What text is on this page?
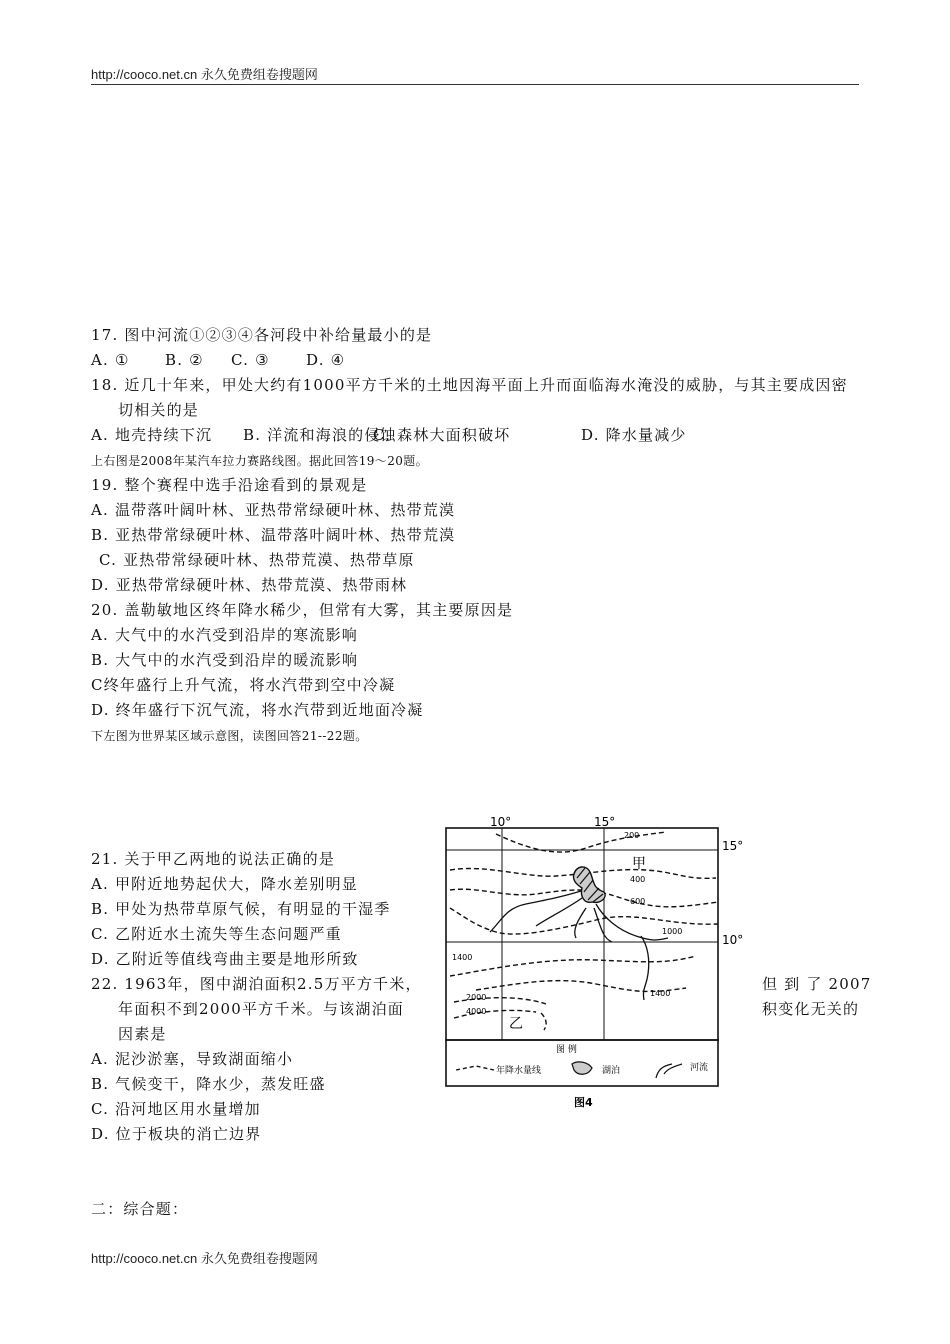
http://cooco.net.cn 永久免费组卷搜题网
17. 图中河流①②③④各河段中补给量最小的是
A. ① B. ② C. ③ D. ④
18. 近几十年来，甲处大约有1000平方千米的土地因海平面上升而面临海水淹没的威胁，与其主要成因密
切相关的是
A. 地壳持续下沉 B. 洋流和海浪的侵蚀C. 森林大面积破坏	D. 降水量减少
上右图是2008年某汽车拉力赛路线图。据此回答19～20题。
19. 整个赛程中选手沿途看到的景观是
A. 温带落叶阔叶林、亚热带常绿硬叶林、热带荒漠
B. 亚热带常绿硬叶林、温带落叶阔叶林、热带荒漠
C. 亚热带常绿硬叶林、热带荒漠、热带草原
D. 亚热带常绿硬叶林、热带荒漠、热带雨林
20. 盖勒敏地区终年降水稀少，但常有大雾，其主要原因是
A. 大气中的水汽受到沿岸的寒流影响
B. 大气中的水汽受到沿岸的暖流影响
C终年盛行上升气流，将水汽带到空中冷凝
D. 终年盛行下沉气流，将水汽带到近地面冷凝
下左图为世界某区域示意图，读图回答21--22题。
21. 关于甲乙两地的说法正确的是
A. 甲附近地势起伏大，降水差别明显
B. 甲处为热带草原气候，有明显的干湿季
C. 乙附近水土流失等生态问题严重
D. 乙附近等值线弯曲主要是地形所致
22. 1963年，图中湖泊面积2.5万平方千米，	但 到 了 2007
年面积不到2000平方千米。与该湖泊面	积变化无关的
因素是
A. 泥沙淤塞，导致湖面缩小
B. 气候变干，降水少，蒸发旺盛
C. 沿河地区用水量增加
D. 位于板块的消亡边界
二：综合题：
http://cooco.net.cn 永久免费组卷搜题网
10°	15°
15°
10°
甲
乙
200
400
600
1000
1400
1400
2000
4000
图 例
年降水量线	湖泊	河流
图4
